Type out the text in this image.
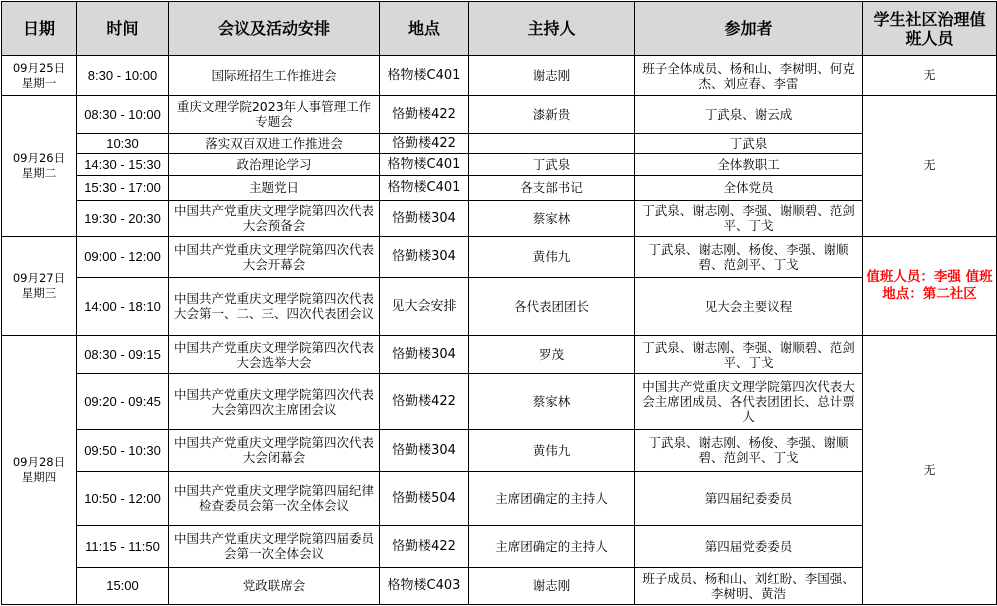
日期	时间	会议及活动安排	地点	主持人	参加者	学生社区治理值班人员

09月25日
星期一	8:30 - 10:00	国际班招生工作推进会	格物楼C401	谢志刚	班子全体成员、杨和山、李树明、何克杰、刘应春、李雷	无

09月26日
星期二	08:30 - 10:00	重庆文理学院2023年人事管理工作专题会	恪勤楼422	漆新贵	丁武泉、谢云成	无
	10:30	落实双百双进工作推进会	恪勤楼422		丁武泉	
	14:30 - 15:30	政治理论学习	格物楼C401	丁武泉	全体教职工	
	15:30 - 17:00	主题党日	格物楼C401	各支部书记	全体党员	
	19:30 - 20:30	中国共产党重庆文理学院第四次代表大会预备会	恪勤楼304	蔡家林	丁武泉、谢志刚、李强、谢顺碧、范剑平、丁戈	

09月27日
星期三	09:00 - 12:00	中国共产党重庆文理学院第四次代表大会开幕会	恪勤楼304	黄伟九	丁武泉、谢志刚、杨俊、李强、谢顺碧、范剑平、丁戈	值班人员：李强 值班地点：第二社区
	14:00 - 18:10	中国共产党重庆文理学院第四次代表大会第一、二、三、四次代表团会议	见大会安排	各代表团团长	见大会主要议程	

09月28日
星期四	08:30 - 09:15	中国共产党重庆文理学院第四次代表大会选举大会	恪勤楼304	罗茂	丁武泉、谢志刚、李强、谢顺碧、范剑平、丁戈	无
	09:20 - 09:45	中国共产党重庆文理学院第四次代表大会第四次主席团会议	恪勤楼422	蔡家林	中国共产党重庆文理学院第四次代表大会主席团成员、各代表团团长、总计票人	
	09:50 - 10:30	中国共产党重庆文理学院第四次代表大会闭幕会	恪勤楼304	黄伟九	丁武泉、谢志刚、杨俊、李强、谢顺碧、范剑平、丁戈	
	10:50 - 12:00	中国共产党重庆文理学院第四届纪律检查委员会第一次全体会议	恪勤楼504	主席团确定的主持人	第四届纪委委员	
	11:15 - 11:50	中国共产党重庆文理学院第四届委员会第一次全体会议	恪勤楼422	主席团确定的主持人	第四届党委委员	
	15:00	党政联席会	格物楼C403	谢志刚	班子成员、杨和山、刘红盼、李国强、李树明、黄浩	
